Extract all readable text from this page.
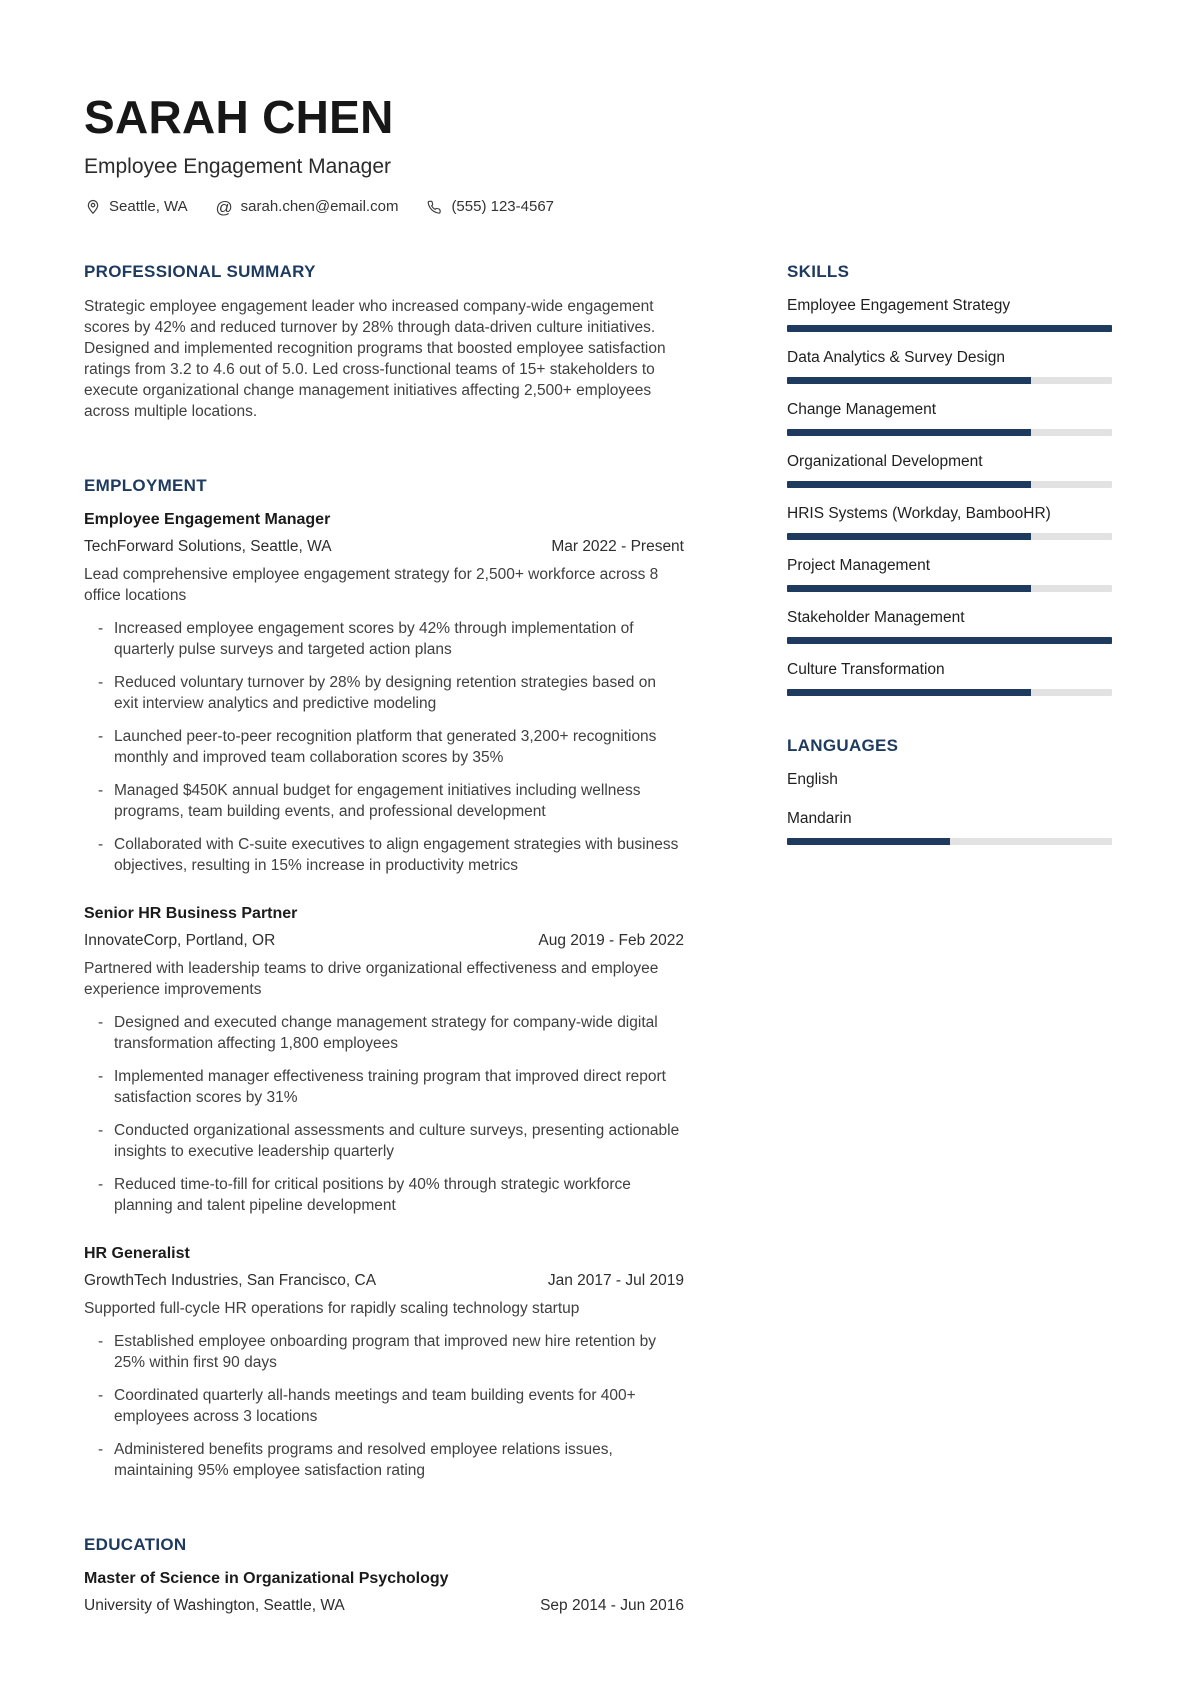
SARAH CHEN
Employee Engagement Manager
Seattle, WA @ sarah.chen@email.com	(555) 123-4567
PROFESSIONAL SUMMARY

Strategic employee engagement leader who increased company-wide engagement scores by 42% and reduced turnover by 28% through data-driven culture initiatives. Designed and implemented recognition programs that boosted employee satisfaction ratings from 3.2 to 4.6 out of 5.0. Led cross-functional teams of 15+ stakeholders to execute organizational change management initiatives affecting 2,500+ employees across multiple locations.

EMPLOYMENT
Employee Engagement Manager
TechForward Solutions, Seattle, WA	Mar 2022 - Present
Lead comprehensive employee engagement strategy for 2,500+ workforce across 8 office locations
- Increased employee engagement scores by 42% through implementation of quarterly pulse surveys and targeted action plans
- Reduced voluntary turnover by 28% by designing retention strategies based on exit interview analytics and predictive modeling
- Launched peer-to-peer recognition platform that generated 3,200+ recognitions monthly and improved team collaboration scores by 35%
- Managed $450K annual budget for engagement initiatives including wellness programs, team building events, and professional development
- Collaborated with C-suite executives to align engagement strategies with business objectives, resulting in 15% increase in productivity metrics
Senior HR Business Partner
InnovateCorp, Portland, OR	Aug 2019 - Feb 2022
Partnered with leadership teams to drive organizational effectiveness and employee experience improvements
- Designed and executed change management strategy for company-wide digital transformation affecting 1,800 employees
- Implemented manager effectiveness training program that improved direct report satisfaction scores by 31%
- Conducted organizational assessments and culture surveys, presenting actionable insights to executive leadership quarterly
- Reduced time-to-fill for critical positions by 40% through strategic workforce planning and talent pipeline development
HR Generalist
GrowthTech Industries, San Francisco, CA	Jan 2017 - Jul 2019
Supported full-cycle HR operations for rapidly scaling technology startup
- Established employee onboarding program that improved new hire retention by 25% within first 90 days
- Coordinated quarterly all-hands meetings and team building events for 400+ employees across 3 locations
- Administered benefits programs and resolved employee relations issues, maintaining 95% employee satisfaction rating
EDUCATION
Master of Science in Organizational Psychology
University of Washington, Seattle, WA	Sep 2014 - Jun 2016
SKILLS
Employee Engagement Strategy
Data Analytics & Survey Design
Change Management
Organizational Development
HRIS Systems (Workday, BambooHR)
Project Management
Stakeholder Management
Culture Transformation
LANGUAGES
English
Mandarin
